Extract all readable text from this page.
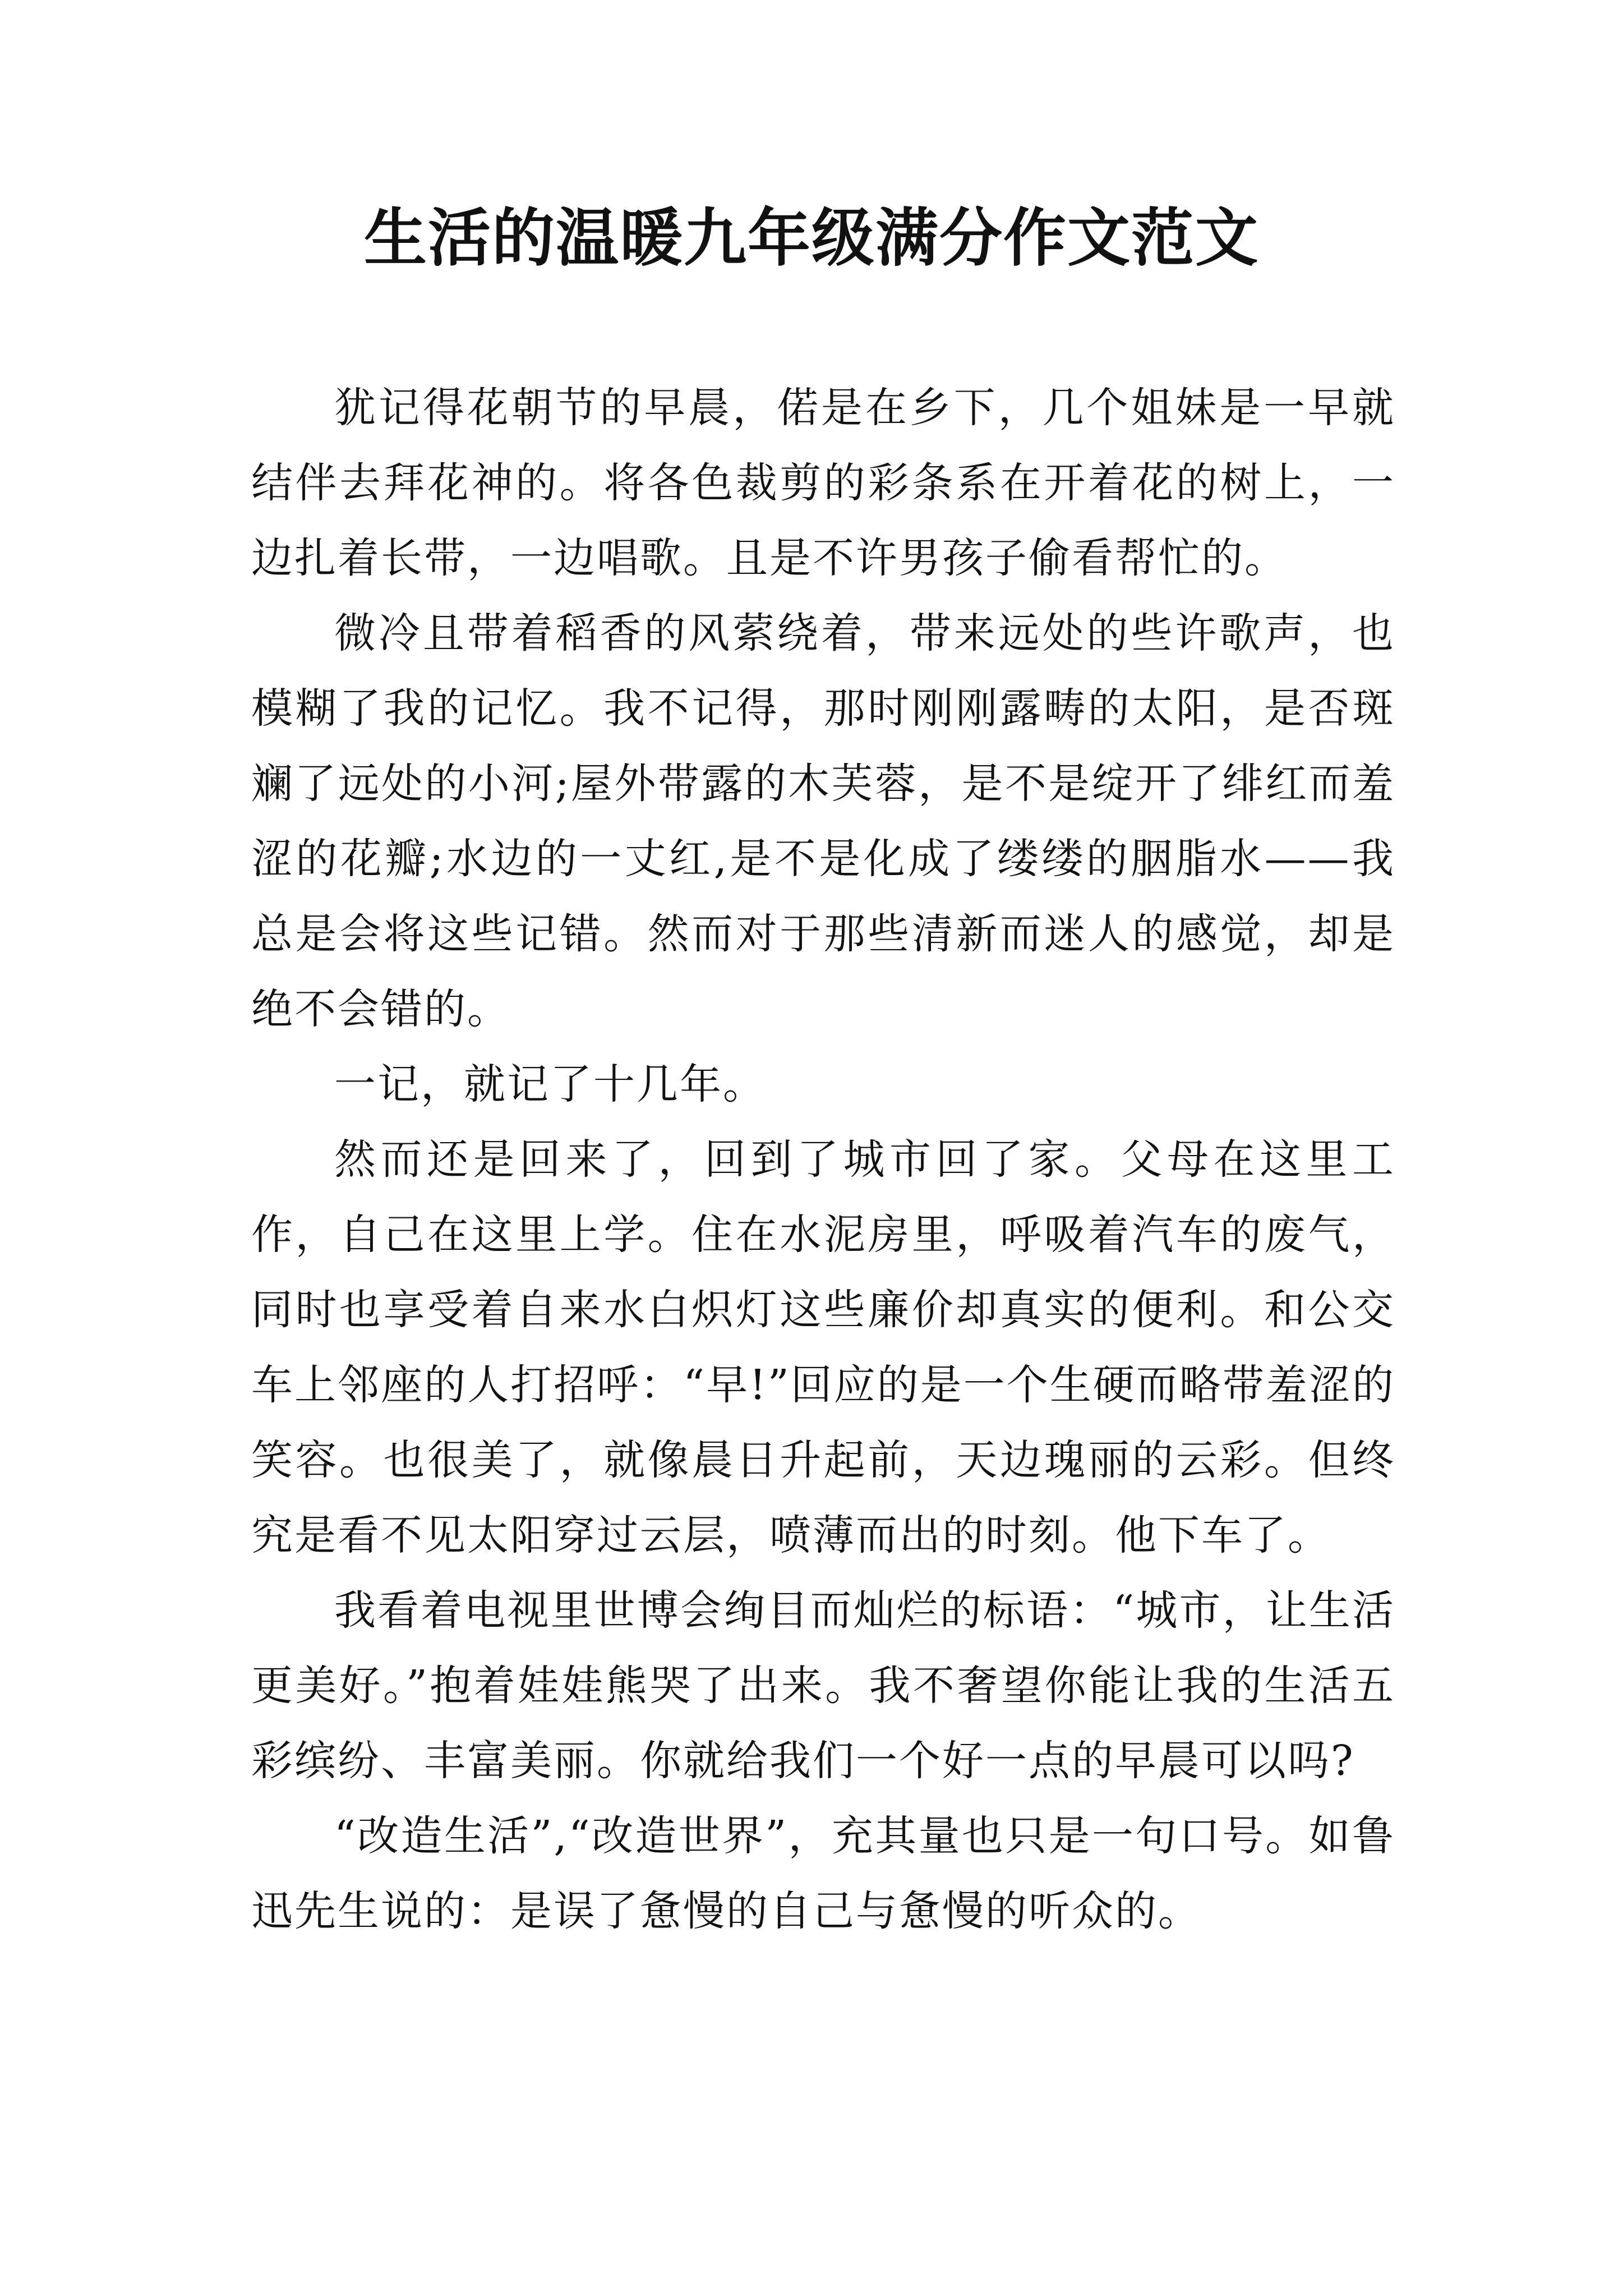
生活的温暖九年级满分作文范文

犹记得花朝节的早晨，偌是在乡下，几个姐妹是一早就结伴去拜花神的。将各色裁剪的彩条系在开着花的树上，一边扎着长带，一边唱歌。且是不许男孩子偷看帮忙的。

微冷且带着稻香的风萦绕着，带来远处的些许歌声，也模糊了我的记忆。我不记得，那时刚刚露畴的太阳，是否斑斓了远处的小河;屋外带露的木芙蓉，是不是绽开了绯红而羞涩的花瓣;水边的一丈红,是不是化成了缕缕的胭脂水——我总是会将这些记错。然而对于那些清新而迷人的感觉，却是绝不会错的。

一记，就记了十几年。

然而还是回来了，回到了城市回了家。父母在这里工作，自己在这里上学。住在水泥房里，呼吸着汽车的废气，同时也享受着自来水白炽灯这些廉价却真实的便利。和公交车上邻座的人打招呼：“早!”回应的是一个生硬而略带羞涩的笑容。也很美了，就像晨日升起前，天边瑰丽的云彩。但终究是看不见太阳穿过云层，喷薄而出的时刻。他下车了。

我看着电视里世博会绚目而灿烂的标语：“城市，让生活更美好。”抱着娃娃熊哭了出来。我不奢望你能让我的生活五彩缤纷、丰富美丽。你就给我们一个好一点的早晨可以吗?

“改造生活”,“改造世界”，充其量也只是一句口号。如鲁迅先生说的：是误了惫慢的自己与惫慢的听众的。
